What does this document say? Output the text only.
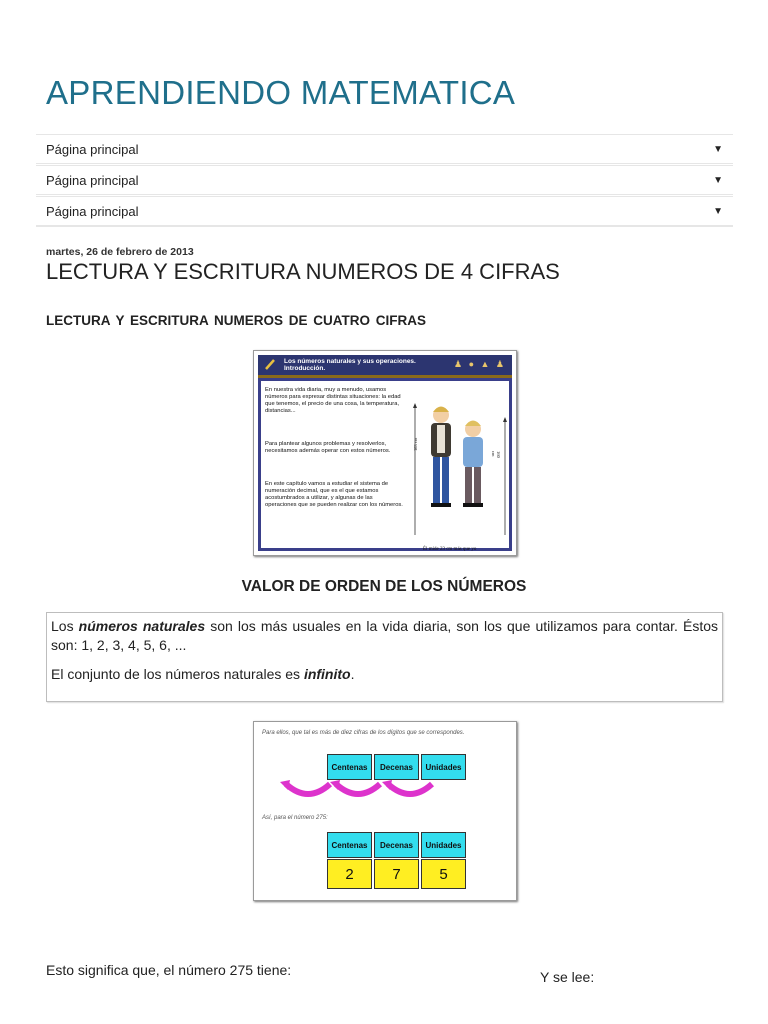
APRENDIENDO MATEMATICA
Página principal	▼
Página principal	▼
Página principal	▼
martes, 26 de febrero de 2013
LECTURA Y ESCRITURA NUMEROS DE 4 CIFRAS
LECTURA Y ESCRITURA NUMEROS DE CUATRO CIFRAS
Los números naturales y sus operaciones.
Introducción.	♟ ● ▲ ♟
En nuestra vida diaria, muy a menudo, usamos números para expresar distintas situaciones: la edad que tenemos, el precio de una cosa, la temperatura, distancias...
Para plantear algunos problemas y resolverlos, necesitamos además operar con estos números.
En este capítulo vamos a estudiar el sistema de numeración decimal, que es el que estamos acostumbrados a utilizar, y algunas de las operaciones que se pueden realizar con los números.
183 cm
160 cm
Él mide 23 cm más que yo
VALOR DE ORDEN DE LOS NÚMEROS

Los números naturales son los más usuales en la vida diaria, son los que utilizamos para contar. Éstos son: 1, 2, 3, 4, 5, 6, ...

El conjunto de los números naturales es infinito.

Para ellos, que tal es más de diez cifras de los dígitos que se correspondes.
Centenas	Decenas	Unidades
Así, para el número 275:
Centenas	Decenas	Unidades
2	7	5
Esto significa que, el número 275 tiene:	Y se lee:
